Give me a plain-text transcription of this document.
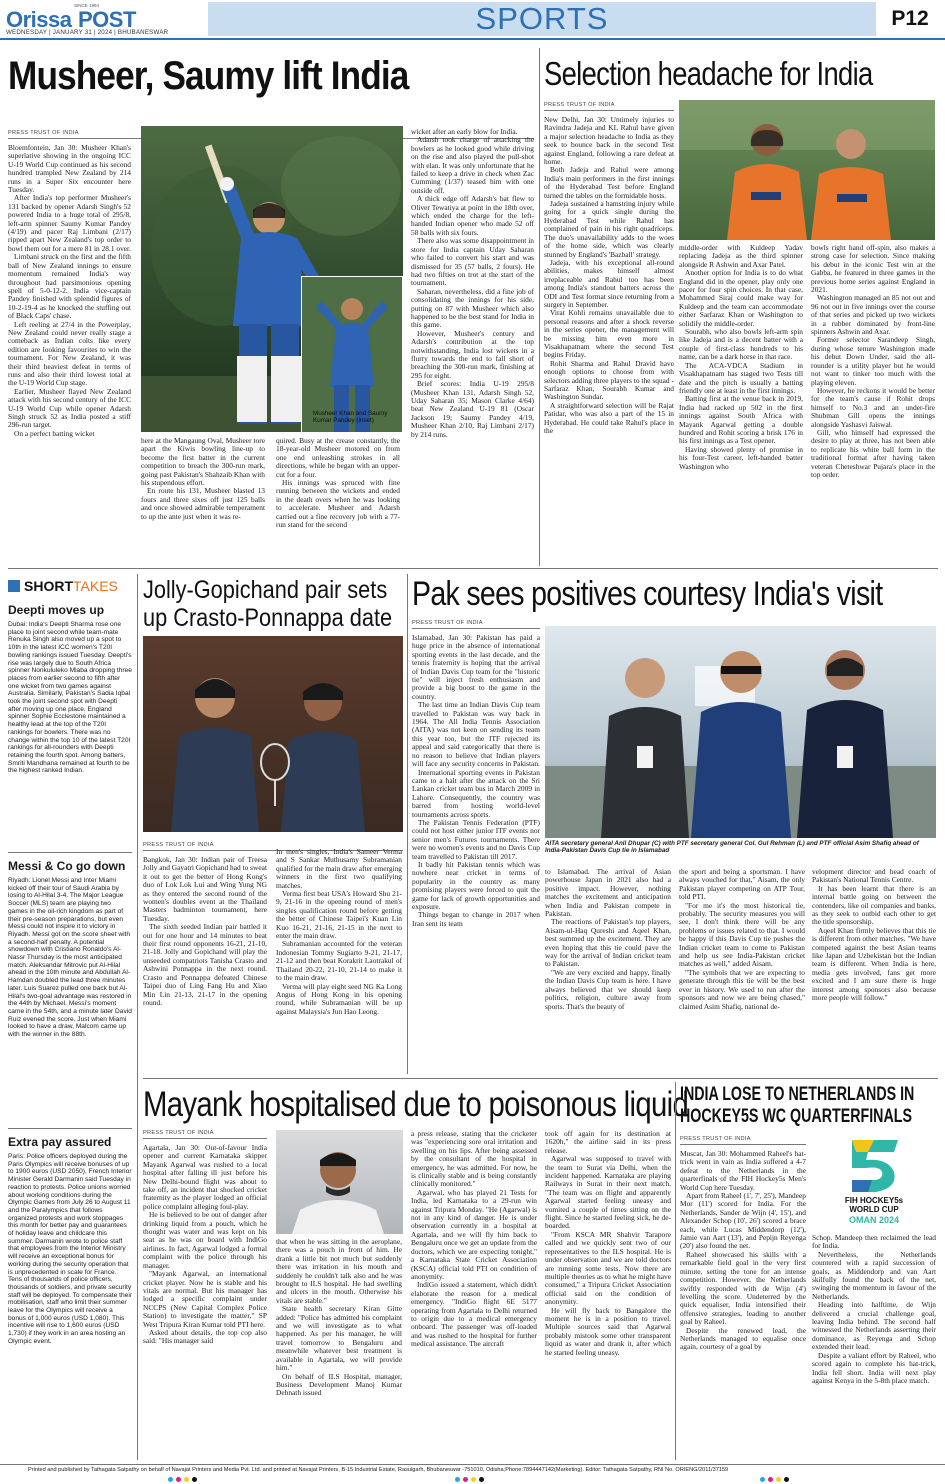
SINCE 1994
Orissa POST
WEDNESDAY | JANUARY 31 | 2024 | BHUBANESWAR	SPORTS	P12
Musheer, Saumy lift India
PRESS TRUST OF INDIA

Bloemfontein, Jan 30: Musheer Khan's superlative showing in the ongoing ICC U-19 World Cup continued as his second hundred trampled New Zealand by 214 runs in a Super Six encounter here Tuesday.

After India's top performer Musheer's 131 backed by opener Adarsh Singh's 52 powered India to a huge total of 295/8, left-arm spinner Saumy Kumar Pandey (4/19) and pacer Raj Limbani (2/17) ripped apart New Zealand's top order to bowl them out for a mere 81 in 28.1 over.

Limbani struck on the first and the fifth ball of New Zealand innings to ensure momentum remained India's way throughout had parsimonious opening spell of 5-0-12-2. India vice-captain Pandey finished with splendid figures of 10-2-19-4 as he knocked the stuffing out of Black Caps' chase.

Left reeling at 27/4 in the Powerplay, New Zealand could never really stage a comeback as Indian colts like every edition are looking favourites to win the tournament. For New Zealand, it was their third heaviest defeat in terms of runs and also their third lowest total at the U-19 World Cup stage.

Earlier, Musheer flayed New Zealand attack with his second century of the ICC U-19 World Cup while opener Adarsh Singh struck 52 as India posted a stiff 296-run target.

On a perfect batting wicket

Musheer Khan and Saumy Kumar Pandey (inset)

here at the Mangaung Oval, Musheer tore apart the Kiwis bowling line-up to become the first batter in the current competition to breach the 300-run mark, going past Pakistan's Shahzaib Khan with his stupendous effort.

En route his 131, Musheer blasted 13 fours and three sixes off just 125 balls and once showed admirable temperament to up the ante just when it was re-

quired. Busy at the crease constantly, the 18-year-old Musheer motored on from one end unleashing strokes in all directions, while he began with an upper-cut for a four.

His innings was spruced with fine running between the wickets and ended in the death overs when he was looking to accelerate. Musheer and Adarsh carried out a fine recovery job with a 77-run stand for the second

wicket after an early blow for India.

Adarsh took charge of attacking the bowlers as he looked good while driving on the rise and also played the pull-shot with elan. It was only unfortunate that he failed to keep a drive in check when Zac Cumming (1/37) teased him with one outside off.

A thick edge off Adarsh's bat flew to Oliver Tewatiya at point in the 18th over, which ended the charge for the left-handed Indian opener who made 52 off 58 balls with six fours.

There also was some disappointment in store for India captain Uday Saharan who failed to convert his start and was dismissed for 35 (57 balls, 2 fours). He had two fifties on trot at the start of the tournament.

Saharan, nevertheless, did a fine job of consolidating the innings for his side, putting on 87 with Musheer which also happened to be the best stand for India in this game.

However, Musheer's century and Adarsh's contribution at the top notwithstanding, India lost wickets in a flurry towards the end to fall short of breaching the 300-run mark, finishing at 295 for eight.

Brief scores: India U-19 295/8 (Musheer Khan 131, Adarsh Singh 52, Uday Saharan 35; Mason Clarke 4/64) beat New Zealand U-19 81 (Oscar Jackson 19; Saumy Pandey 4/19, Musheer Khan 2/10, Raj Limbani 2/17) by 214 runs.

Selection headache for India
PRESS TRUST OF INDIA

New Delhi, Jan 30: Untimely injuries to Ravindra Jadeja and KL Rahul have given a major selection headache to India as they seek to bounce back in the second Test against England, following a rare defeat at home.

Both Jadeja and Rahul were among India's main performers in the first innings of the Hyderabad Test before England turned the tables on the formidable hosts.

Jadeja sustained a hamstring injury while going for a quick single during the Hyderabad Test while Rahul has complained of pain in his right quadriceps. The duo's unavailability adds to the woes of the home side, which was clearly stunned by England's 'Bazball' strategy.

Jadeja, with his exceptional all-round abilities, makes himself almost irreplaceable and Rahul too has been among India's standout batters across the ODI and Test format since returning from a surgery in September.

Virat Kohli remains unavailable due to personal reasons and after a shock reverse in the series opener, the management will be missing him even more in Visakhapatnam where the second Test begins Friday.

Rohit Sharma and Rahul Dravid have enough options to choose from with selectors adding three players to the squad - Sarfaraz Khan, Sourabh Kumar and Washington Sundar.

A straightforward selection will be Rajat Patidar, who was also a part of the 15 in Hyderabad. He could take Rahul's place in the

middle-order with Kuldeep Yadav replacing Jadeja as the third spinner alongside R Ashwin and Axar Patel.

Another option for India is to do what England did in the opener, play only one pacer for four spin choices. In that case, Mohammed Siraj could make way for Kuldeep and the team can accommodate either Sarfaraz Khan or Washington to solidify the middle-order.

Sourabh, who also bowls left-arm spin like Jadeja and is a decent batter with a couple of first-class hundreds to his name, can be a dark horse in that race.

The ACA-VDCA Stadium in Visakhapatnam has staged two Tests till date and the pitch is usually a batting friendly one at least in the first innings.

Batting first at the venue back in 2019, India had racked up 502 in the first innings against South Africa with Mayank Agarwal getting a double hundred and Rohit scoring a brisk 176 in his first innings as a Test opener.

Having showed plenty of promise in his four-Test career, left-handed batter Washington who

bowls right hand off-spin, also makes a strong case for selection. Since making his debut in the iconic Test win at the Gabba, he featured in three games in the previous home series against England in 2021.

Washington managed an 85 not out and 96 not out in five innings over the course of that series and picked up two wickets in a rubber dominated by front-line spinners Ashwin and Axar.

Former selector Sarandeep Singh, during whose tenure Washington made his debut Down Under, said the all-rounder is a utility player but he would not want to tinker too much with the playing eleven.

However, he reckons it would be better for the team's cause if Rohit drops himself to No.3 and an under-fire Shubman Gill opens the innings alongside Yashasvi Jaiswal.

Gill, who himself had expressed the desire to play at three, has not been able to replicate his white ball form in the traditional format after having taken veteran Cheteshwar Pujara's place in the top order.

SHORT TAKES
Deepti moves up

Dubai: India's Deepti Sharma rose one place to joint second while team-mate Renuka Singh also moved up a spot to 10th in the latest ICC women's T20I bowling rankings issued Tuesday. Deepti's rise was largely due to South Africa spinner Nonkululeko Mlaba dropping three places from earlier second to fifth after one wicket from two games against Australia. Similarly, Pakistan's Sadia Iqbal took the joint second spot with Deepti after moving up one place. England spinner Sophie Ecclestone maintained a healthy lead at the top of the T20I rankings for bowlers. There was no change within the top 10 of the latest T20I rankings for all-rounders with Deepti retaining the fourth spot. Among batters, Smriti Mandhana remained at fourth to be the highest ranked Indian.

Messi & Co go down

Riyadh: Lionel Messi and Inter Miami kicked off their tour of Saudi Arabia by losing to Al-Hilal 3-4. The Major League Soccer (MLS) team are playing two games in the oil-rich kingdom as part of their pre-season preparations, but even Messi could not inspire it to victory in Riyadh. Messi got on the score sheet with a second-half penalty. A potential showdown with Cristiano Ronaldo's Al-Nassr Thursday is the most anticipated match. Aleksandar Mitrovic put Al-Hilal ahead in the 10th minute and Abdullah Al-Hamdan doubled the lead three minutes later. Luis Suarez pulled one back but Al-Hilal's two-goal advantage was restored in the 44th by Michael. Messi's moment came in the 54th, and a minute later David Ruiz evened the score. Just when Miami looked to have a draw, Malcom came up with the winner in the 88th.

Extra pay assured

Paris: Police officers deployed during the Paris Olympics will receive bonuses of up to 1900 euros (USD 2050), French Interior Minister Gerald Darmanin said Tuesday in reaction to protests. Police unions worried about working conditions during the Olympic Games from July 26 to August 11 and the Paralympics that follows organized protests and work stoppages this month for better pay and guarantees of holiday leave and childcare this summer. Darmanin wrote to police staff that employees from the Interior Ministry will receive an exceptional bonus for working during the security operation that is unprecedented in scale for France. Tens of thousands of police officers, thousands of soldiers, and private security staff will be deployed. To compensate their mobilisation, staff who limit their summer leave for the Olympics will receive a bonus of 1,000 euros (USD 1,080). This incentive will rise to 1,600 euros (USD 1,730) if they work in an area hosting an Olympic event.

Jolly-Gopichand pair sets
up Crasto-Ponnappa date
PRESS TRUST OF INDIA

Bangkok, Jan 30: Indian pair of Treesa Jolly and Gayatri Gopichand had to sweat it out to get the better of Hong Kong's duo of Lok Lok Lui and Wing Yung NG as they entered the second round of the women's doubles event at the Thailand Masters badminton tournament, here Tuesday.

The sixth seeded Indian pair battled it out for one hour and 14 minutes to beat their first round opponents 16-21, 21-10, 21-18. Jolly and Gopichand will play the unseeded compatriots Tanisha Crasto and Ashwini Ponnappa in the next round. Crasto and Ponnappa defeated Chinese Taipei duo of Ling Fang Hu and Xiao Min Lin 21-13, 21-17 in the opening round.

In men's singles, India's Sameer Verma and S Sankar Muthusamy Subramanian qualified for the main draw after emerging winners in the first two qualifying matches.

Verma first beat USA's Howard Shu 21-9, 21-16 in the opening round of men's singles qualification round before getting the better of Chinese Taipei's Kuan Lin Kuo 16-21, 21-16, 21-15 in the next to enter the main draw.

Subramanian accounted for the veteran Indonesian Tommy Sugiarto 9-21, 21-17, 21-12 and then beat Korakrit Laotrakul of Thailand 20-22, 21-10, 21-14 to make it to the main draw.

Verma will play eight seed NG Ka Long Angus of Hong Kong in his opening round, while Subramanian will be up against Malaysia's Jun Hao Leong.

Pak sees positives courtesy India's visit
PRESS TRUST OF INDIA

Islamabad, Jan 30: Pakistan has paid a huge price in the absence of international sporting events in the last decade, and the tennis fraternity is hoping that the arrival of Indian Davis Cup team for the "historic tie" will inject fresh enthusiasm and provide a big boost to the game in the country.

The last time an Indian Davis Cup team travelled to Pakistan was way back in 1964. The All India Tennis Association (AITA) was not keen on sending its team this year too, but the ITF rejected its appeal and said categorically that there is no reason to believe that Indian players will face any security concerns in Pakistan.

International sporting events in Pakistan came to a halt after the attack on the Sri Lankan cricket team bus in March 2009 in Lahore. Consequently, the country was barred from hosting world-level tournaments across sports.

The Pakistan Tennis Federation (PTF) could not host either junior ITF events nor senior men's Futures tournaments. There were no women's events and no Davis Cup team travelled to Pakistan till 2017.

It badly hit Pakistan tennis which was nowhere near cricket in terms of popularity in the country as many promising players were forced to quit the game for lack of growth opportunities and exposure.

Things began to change in 2017 when Iran sent its team

AITA secretary general Anil Dhupar (C) with PTF secretary general Col. Gul Rehman (L) and PTF official Asim Shafiq ahead of India-Pakistan Davis Cup tie in Islamabad

to Islamabad. The arrival of Asian powerhouse Japan in 2021 also had a positive impact. However, nothing matches the excitement and anticipation when India and Pakistan compete in Pakistan.

The reactions of Pakistan's top players, Aisam-ul-Haq Qureshi and Aqeel Khan, best summed up the excitement. They are even hoping that this tie could pave the way for the arrival of Indian cricket team to Pakistan.

"We are very excited and happy, finally the Indian Davis Cup team is here. I have always believed that we should keep politics, religion, culture away from sports. That's the beauty of

the sport and being a sportsman. I have always vouched for that," Aisam, the only Pakistan player competing on ATP Tour, told PTI.

"For me it's the most historical tie, probably. The security measures you will see, I don't think there will be any problems or issues related to that. I would be happy if this Davis Cup tie pushes the Indian cricket team to come to Pakistan and help us see India-Pakistan cricket matches as well," added Aisam.

"The symbols that we are expecting to generate through this tie will be the best ever in history. We used to run after the sponsors and now we are being chased," claimed Asim Shafiq, national de-

velopment director and head coach of Pakistan's National Tennis Centre.

It has been learnt that there is an internal battle going on between the contenders, like oil companies and banks, as they seek to outbid each other to get the title sponsorship.

Aqeel Khan firmly believes that this tie is different from other matches. "We have competed against the best Asian teams like Japan and Uzbekistan but the Indian team is different. When India is here, media gets involved, fans get more excited and I am sure there is huge interest among sponsors also because more people will follow."

Mayank hospitalised due to poisonous liquid
PRESS TRUST OF INDIA

Agartala, Jan 30: Out-of-favour India opener and current Karnataka skipper Mayank Agarwal was rushed to a local hospital after falling ill just before his New Delhi-bound flight was about to take off, an incident that shocked cricket fraternity as the player lodged an official police complaint alleging foul-play.

He is believed to be out of danger after drinking liquid from a pouch, which he thought was water and was kept on his seat as he was on board with IndiGo airlines. In fact, Agarwal lodged a formal complaint with the police through his manager.

"Mayank Agarwal, an international cricket player. Now he is stable and his vitals are normal. But his manager has lodged a specific complaint under NCCPS (New Capital Complex Police Station) to investigate the matter," SP West Tripura Kiran Kumar told PTI here.

Asked about details, the top cop also said: "His manager said

that when he was sitting in the aeroplane, there was a pouch in front of him. He drank a little bit not much but suddenly there was irritation in his mouth and suddenly he couldn't talk also and he was brought to ILS hospital. He had swelling and ulcers in the mouth. Otherwise his vitals are stable."

State health secretary Kiran Gitte added: "Police has admitted his complaint and we will investigate as to what happened. As per his manager, he will travel tomorrow to Bengaluru and meanwhile whatever best treatment is available in Agartala, we will provide him."

On behalf of ILS Hospital, manager, Business Development Manoj Kumar Debnath issued

a press release, stating that the cricketer was "experiencing sore oral irritation and swelling on his lips. After being assessed by the consultant of the hospital in emergency, he was admitted. For now, he is clinically stable and is being constantly clinically monitored."

Agarwal, who has played 21 Tests for India, led Karnataka to a 29-run win against Tripura Monday. "He (Agarwal) is not in any kind of danger. He is under observation currently in a hospital at Agartala, and we will fly him back to Bengaluru once we get an update from the doctors, which we are expecting tonight," a Karnataka State Cricket Association (KSCA) official told PTI on condition of anonymity.

IndiGo issued a statement, which didn't elaborate the reason for a medical emergency. "IndiGo flight 6E 5177 operating from Agartala to Delhi returned to origin due to a medical emergency onboard. The passenger was off-loaded and was rushed to the hospital for further medical assistance. The aircraft

took off again for its destination at 1620h," the airline said in its press release.

Agarwal was supposed to travel with the team to Surat via Delhi, when the incident happened. Karnataka are playing Railways in Surat in their next match. "The team was on flight and apparently Agarwal started feeling uneasy and vomited a couple of times sitting on the flight. Since he started feeling sick, he de-boarded.

"From KSCA MR Shahvir Tarapore called and we quickly sent two of our representatives to the ILS hospital. He is under observation and we are told doctors are running some tests. Now there are multiple theories as to what he might have consumed," a Tripura Cricket Association official said on the condition of anonymity.

He will fly back to Bangalore the moment he is in a position to travel. Multiple sources said that Agarwal probably mistook some other transparent liquid as water and drank it, after which he started feeling uneasy.

INDIA LOSE TO NETHERLANDS IN
HOCKEY5S WC QUARTERFINALS
PRESS TRUST OF INDIA

Muscat, Jan 30: Mohammed Raheel's hat-trick went in vain as India suffered a 4-7 defeat to the Netherlands in the quarterfinals of the FIH Hockey5s Men's World Cup here Tuesday.

Apart from Raheel (1', 7', 25'), Mandeep Mor (11') scored for India. For the Netherlands, Sander de Wijn (4', 15'), and Alexander Schop (10', 26') scored a brace each, while Lucas Middendorp (12'), Jamie van Aart (13'), and Pepijn Reyenga (20') also found the net.

Raheel showcased his skills with a remarkable field goal in the very first minute, setting the tone for an intense competition. However, the Netherlands swiftly responded with de Wijn (4') levelling the score. Undeterred by the quick equaliser, India intensified their offensive strategies, leading to another goal by Raheel.

Despite the renewed lead, the Netherlands managed to equalise once again, courtesy of a goal by

FIH HOCKEY5s
WORLD CUP
OMAN 2024

Schop. Mandeep then reclaimed the lead for India.

Nevertheless, the Netherlands countered with a rapid succession of goals, as Middendorp and van Aart skilfully found the back of the net, swinging the momentum in favour of the Netherlands.

Heading into halftime, de Wijn delivered a crucial challenge goal, leaving India behind. The second half witnessed the Netherlands asserting their dominance, as Reyenga and Schop extended their lead.

Despite a valiant effort by Raheel, who scored again to complete his hat-trick, India fell short. India will next play against Kenya in the 5-8th place match.

Printed and published by Tathagata Satpathy on behalf of Navajat Printers and Media Pvt. Ltd. and printed at Navajat Printers, B-15 Industrial Estate, Rasulgarh, Bhubaneswar -751010, Odisha;Phone:7894447142(Marketing). Editor: Tathagata Satpathy, RNI No. ORIENG/2011/37159
